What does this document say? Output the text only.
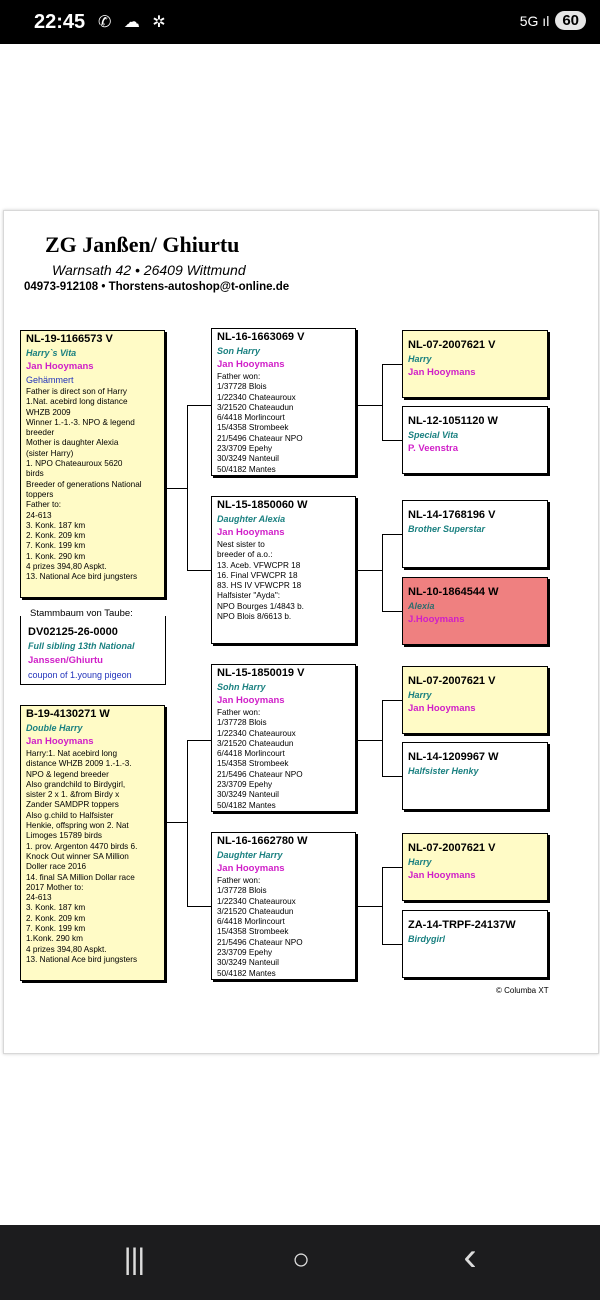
22:45 ✆ ☁ ✲	5G ıl 60
ZG Janßen/ Ghiurtu
Warnsath 42 • 26409 Wittmund
04973-912108 • Thorstens-autoshop@t-online.de
NL-19-1166573 V
Harry`s Vita
Jan Hooymans
Gehämmert
Father is direct son of Harry
1.Nat. acebird long distance
WHZB 2009
Winner 1.-1.-3. NPO & legend
breeder
Mother is daughter Alexia
(sister Harry)
1. NPO Chateauroux 5620
birds
Breeder of generations National
toppers
Father to:
24-613
3. Konk. 187 km
2. Konk. 209 km
7. Konk. 199 km
1. Konk. 290 km
4 prizes 394,80 Aspkt.
13. National Ace bird jungsters
Stammbaum von Taube:
DV02125-26-0000
Full sibling 13th National
Janssen/Ghiurtu
coupon of 1.young pigeon
B-19-4130271 W
Double Harry
Jan Hooymans
Harry:1. Nat acebird long
distance WHZB 2009 1.-1.-3.
NPO & legend breeder
Also grandchild to Birdygirl,
sister 2 x 1. &from Birdy x
Zander SAMDPR toppers
Also g.child to Halfsister
Henkie, offspring won 2. Nat
Limoges 15789 birds
1. prov. Argenton 4470 birds 6.
Knock Out winner SA Million
Doller race 2016
14. final SA Million Dollar race
2017 Mother to:
24-613
3. Konk. 187 km
2. Konk. 209 km
7. Konk. 199 km
1.Konk. 290 km
4 prizes 394,80 Aspkt.
13. National Ace bird jungsters
NL-16-1663069 V
Son Harry
Jan Hooymans
Father won:
1/37728 Blois
1/22340 Chateauroux
3/21520 Chateaudun
6/4418 Morlincourt
15/4358 Strombeek
21/5496 Chateaur NPO
23/3709 Epehy
30/3249 Nanteuil
50/4182 Mantes
NL-15-1850060 W
Daughter Alexia
Jan Hooymans
Nest sister to
breeder of a.o.:
13. Aceb. VFWCPR 18
16. Final VFWCPR 18
83. HS IV VFWCPR 18
Halfsister "Ayda":
NPO Bourges 1/4843 b.
NPO Blois 8/6613 b.
NL-15-1850019 V
Sohn Harry
Jan Hooymans
Father won:
1/37728 Blois
1/22340 Chateauroux
3/21520 Chateaudun
6/4418 Morlincourt
15/4358 Strombeek
21/5496 Chateaur NPO
23/3709 Epehy
30/3249 Nanteuil
50/4182 Mantes
NL-16-1662780 W
Daughter Harry
Jan Hooymans
Father won:
1/37728 Blois
1/22340 Chateauroux
3/21520 Chateaudun
6/4418 Morlincourt
15/4358 Strombeek
21/5496 Chateaur NPO
23/3709 Epehy
30/3249 Nanteuil
50/4182 Mantes
NL-07-2007621 V
Harry
Jan Hooymans
NL-12-1051120 W
Special Vita
P. Veenstra
NL-14-1768196 V
Brother Superstar
NL-10-1864544 W
Alexia
J.Hooymans
NL-07-2007621 V
Harry
Jan Hooymans
NL-14-1209967 W
Halfsister Henky
NL-07-2007621 V
Harry
Jan Hooymans
ZA-14-TRPF-24137W
Birdygirl
© Columba XT
|||	○	‹
